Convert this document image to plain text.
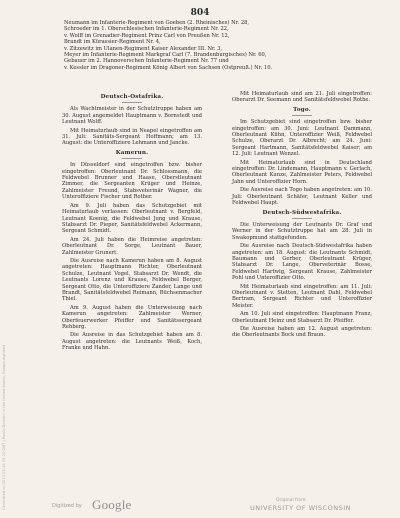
804
Neumann im Infanterie-Regiment von Goeben (2. Rheinisches) Nr. 28,
Schroeder im 1. Oberschlesischen Infanterie-Regiment Nr. 22,
v. Wolff im Grenadier-Regiment Prinz Carl von Preußen Nr. 12,
Brandt im Kürassier-Regiment Nr. 4,
v. Zitzewitz im Ulanen-Regiment Kaiser Alexander III. Nr. 3,
Meyer im Infanterie-Regiment Markgraf Carl (7. Brandenburgisches) Nr. 60,
Gebauer im 2. Hannoverschen Infanterie-Regiment Nr. 77 und
v. Kessler im Dragoner-Regiment König Albert von Sachsen (Ostpreuß.) Nr. 10.
Deutsch-Ostafrika.

Als Wachtmeister in der Schutztruppe haben am 30. August angemeldet Hauptmann v. Bornstedt und Leutnant Wolff.

Mit Heimaturlaub sind in Neapel eingetroffen am 31. Juli: Sanitäts-Sergeant Hoffmann; am 13. August: die Unteroffiziere Lehmann und Jancke.

Kamerun.

In Düsseldorf sind eingetroffen bzw. bisher eingetroffen: Oberleutnant Dr. Schlossmann, die Feldwebel Brunner und Haase, Oberstleutnant Zimmer, die Sergeanten Krüger und Heinze, Zahlmeister Freund, Stabsveterinär Wagner, die Unteroffiziere Fischer und Rother.

Am 9. Juli haben das Schutzgebiet mit Heimaturlaub verlassen: Oberleutnant v. Bergfeld, Leutnant Koenig, die Feldwebel Jung und Krause, Stabsarzt Dr. Pieper, Sanitätsfeldwebel Ackermann, Sergeant Schmidt.

Am 24. Juli haben die Heimreise angetreten: Oberleutnant Dr. Sorge, Leutnant Bauer, Zahlmeister Grunert.

Die Ausreise nach Kamerun haben am 8. August angetreten: Hauptmann Richter, Oberleutnant Schulze, Leutnant Vogel, Stabsarzt Dr. Wendt, die Leutnants Lorenz und Krause, Feldwebel Berger, Sergeant Otto, die Unteroffiziere Zander, Lange und Brandt, Sanitätsfeldwebel Reimann, Büchsenmacher Thiel.

Am 9. August haben die Unterweisung nach Kamerun angetreten: Zahlmeister Werner, Oberfeuerwerker Pfeiffer und Sanitätssergeant Rehberg.

Die Ausreise in das Schutzgebiet haben am 8. August angetreten: die Leutnants Weiß, Koch, Franke und Hahn.

Mit Heimaturlaub sind am 21. Juli eingetroffen: Oberarzt Dr. Seemann und Sanitätsfeldwebel Rothe.

Togo.

Im Schutzgebiet sind eingetroffen bzw. bisher eingetroffen: am 30. Juni: Leutnant Dammann, Oberleutnant Kühn, Unteroffizier Weiß, Feldwebel Schulze, Oberarzt Dr. Albrecht; am 24. Juni: Sergeant Hartmann, Sanitätsfeldwebel Kaiser; am 12. Juli: Leutnant Wenzel.

Mit Heimaturlaub sind in Deutschland eingetroffen: Dr. Lindemann, Hauptmann v. Gerlach, Oberleutnant Kunze, Zahlmeister Peters, Feldwebel Jahn und Unteroffizier Horn.

Die Ausreise nach Togo haben angetreten: am 10. Juli: Oberleutnant Schäfer, Leutnant Keller und Feldwebel Haupt.

Deutsch-Südwestafrika.

Die Unterweisung der Leutnants Dr. Graf und Werner in der Schutztruppe hat am 28. Juli in Swakopmund stattgefunden.

Die Ausreise nach Deutsch-Südwestafrika haben angetreten: am 18. August: die Leutnants Schmidt, Baumann und Gerber, Oberleutnant Krüger, Stabsarzt Dr. Lange, Oberveterinär Bosse, Feldwebel Hartwig, Sergeant Krause, Zahlmeister Pohl und Unteroffizier Otto.

Mit Heimaturlaub sind eingetroffen: am 11. Juli: Oberleutnant v. Stetten, Leutnant Dahl, Feldwebel Bertram, Sergeant Richter und Unteroffizier Meister.

Am 10. Juli sind eingetroffen: Hauptmann Franz, Oberleutnant Heinz und Stabsarzt Dr. Pfeiffer.

Die Ausreise haben am 12. August angetreten: die Oberleutnants Bock und Braun.

Generated on 2013-02-14 09:21 GMT / Public Domain in the United States, Google-digitized	Digitized by Google	Original from
UNIVERSITY OF WISCONSIN
